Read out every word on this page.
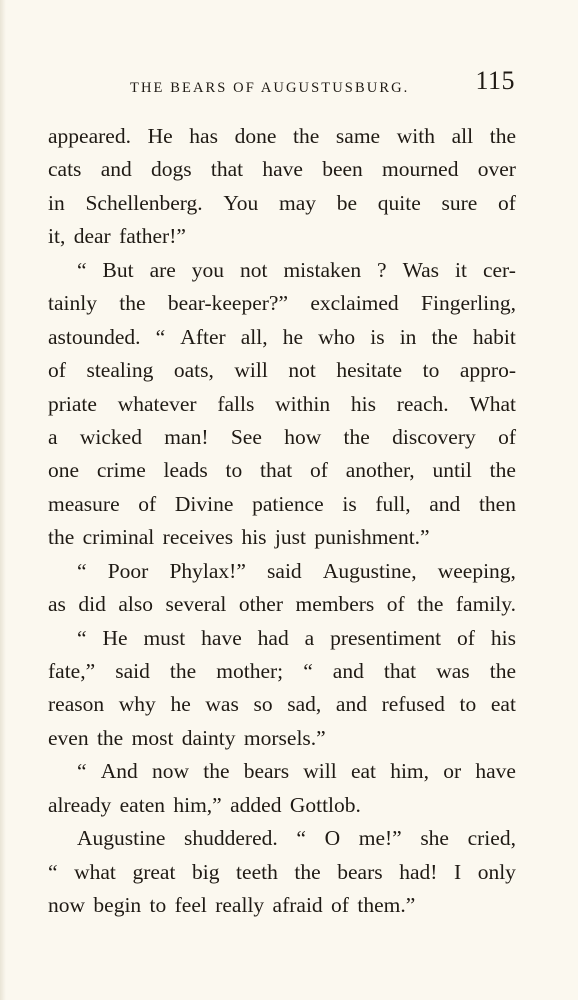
THE BEARS OF AUGUSTUSBURG.	115
appeared. He has done the same with all the
cats and dogs that have been mourned over
in Schellenberg. You may be quite sure of
it, dear father!”
“ But are you not mistaken ? Was it cer-
tainly the bear-keeper?” exclaimed Fingerling,
astounded. “ After all, he who is in the habit
of stealing oats, will not hesitate to appro-
priate whatever falls within his reach. What
a wicked man! See how the discovery of
one crime leads to that of another, until the
measure of Divine patience is full, and then
the criminal receives his just punishment.”
“ Poor Phylax!” said Augustine, weeping,
as did also several other members of the family.
“ He must have had a presentiment of his
fate,” said the mother; “ and that was the
reason why he was so sad, and refused to eat
even the most dainty morsels.”
“ And now the bears will eat him, or have
already eaten him,” added Gottlob.
Augustine shuddered. “ O me!” she cried,
“ what great big teeth the bears had! I only
now begin to feel really afraid of them.”
